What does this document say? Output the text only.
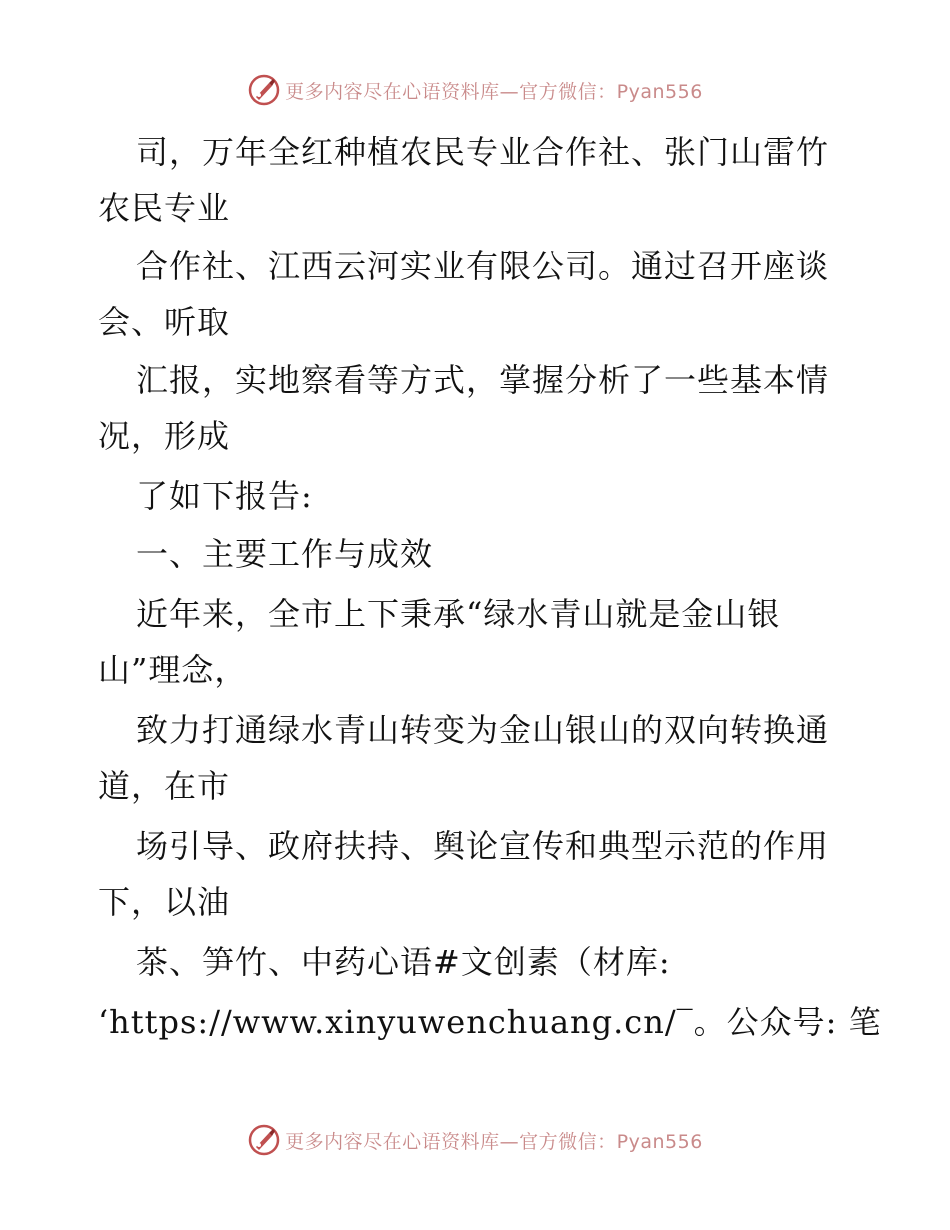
更多内容尽在心语资料库—官方微信：Pyan556
司，万年全红种植农民专业合作社、张门山雷竹
农民专业
合作社、江西云河实业有限公司。通过召开座谈
会、听取
汇报，实地察看等方式，掌握分析了一些基本情
况，形成
了如下报告:
一、主要工作与成效
近年来，全市上下秉承“绿水青山就是金山银
山”理念，
致力打通绿水青山转变为金山银山的双向转换通
道，在市
场引导、政府扶持、舆论宣传和典型示范的作用
下，以油
茶、笋竹、中药心语#文创素（材库:
‘https://www.xinyuwenchuang.cn/‾。公众号: 笔
更多内容尽在心语资料库—官方微信：Pyan556
